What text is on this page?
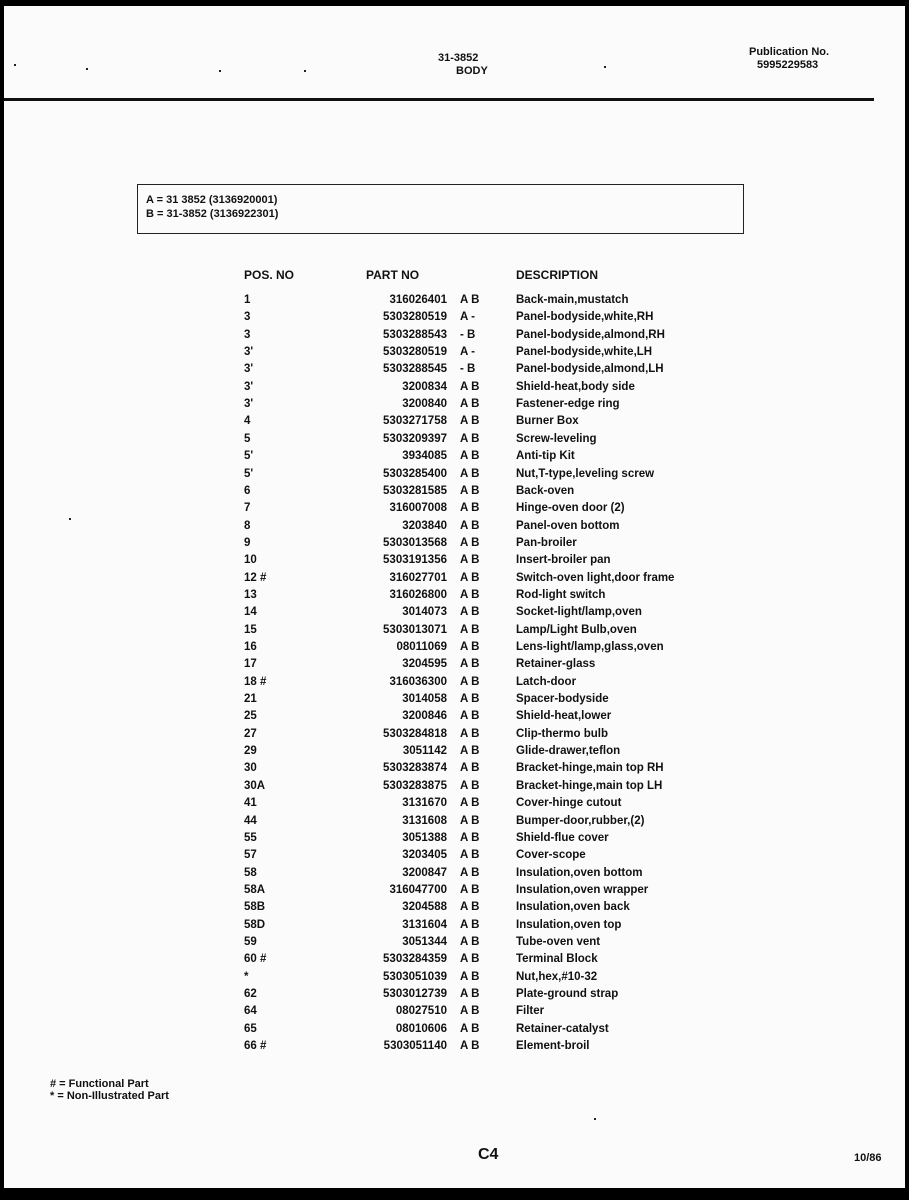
31-3852
BODY
Publication No.
5995229583
A = 31 3852 (3136920001)
B = 31-3852 (3136922301)
POS. NO	PART NO	DESCRIPTION
1	316026401 A B	Back-main,mustatch
3	5303280519 A -	Panel-bodyside,white,RH
3	5303288543 - B	Panel-bodyside,almond,RH
3'	5303280519 A -	Panel-bodyside,white,LH
3'	5303288545 - B	Panel-bodyside,almond,LH
3'	3200834 A B	Shield-heat,body side
3'	3200840 A B	Fastener-edge ring
4	5303271758 A B	Burner Box
5	5303209397 A B	Screw-leveling
5'	3934085 A B	Anti-tip Kit
5'	5303285400 A B	Nut,T-type,leveling screw
6	5303281585 A B	Back-oven
7	316007008 A B	Hinge-oven door (2)
8	3203840 A B	Panel-oven bottom
9	5303013568 A B	Pan-broiler
10	5303191356 A B	Insert-broiler pan
12 #	316027701 A B	Switch-oven light,door frame
13	316026800 A B	Rod-light switch
14	3014073 A B	Socket-light/lamp,oven
15	5303013071 A B	Lamp/Light Bulb,oven
16	08011069 A B	Lens-light/lamp,glass,oven
17	3204595 A B	Retainer-glass
18 #	316036300 A B	Latch-door
21	3014058 A B	Spacer-bodyside
25	3200846 A B	Shield-heat,lower
27	5303284818 A B	Clip-thermo bulb
29	3051142 A B	Glide-drawer,teflon
30	5303283874 A B	Bracket-hinge,main top RH
30A	5303283875 A B	Bracket-hinge,main top LH
41	3131670 A B	Cover-hinge cutout
44	3131608 A B	Bumper-door,rubber,(2)
55	3051388 A B	Shield-flue cover
57	3203405 A B	Cover-scope
58	3200847 A B	Insulation,oven bottom
58A	316047700 A B	Insulation,oven wrapper
58B	3204588 A B	Insulation,oven back
58D	3131604 A B	Insulation,oven top
59	3051344 A B	Tube-oven vent
60 #	5303284359 A B	Terminal Block
*	5303051039 A B	Nut,hex,#10-32
62	5303012739 A B	Plate-ground strap
64	08027510 A B	Filter
65	08010606 A B	Retainer-catalyst
66 #	5303051140 A B	Element-broil
# = Functional Part
* = Non-Illustrated Part
C4	10/86
